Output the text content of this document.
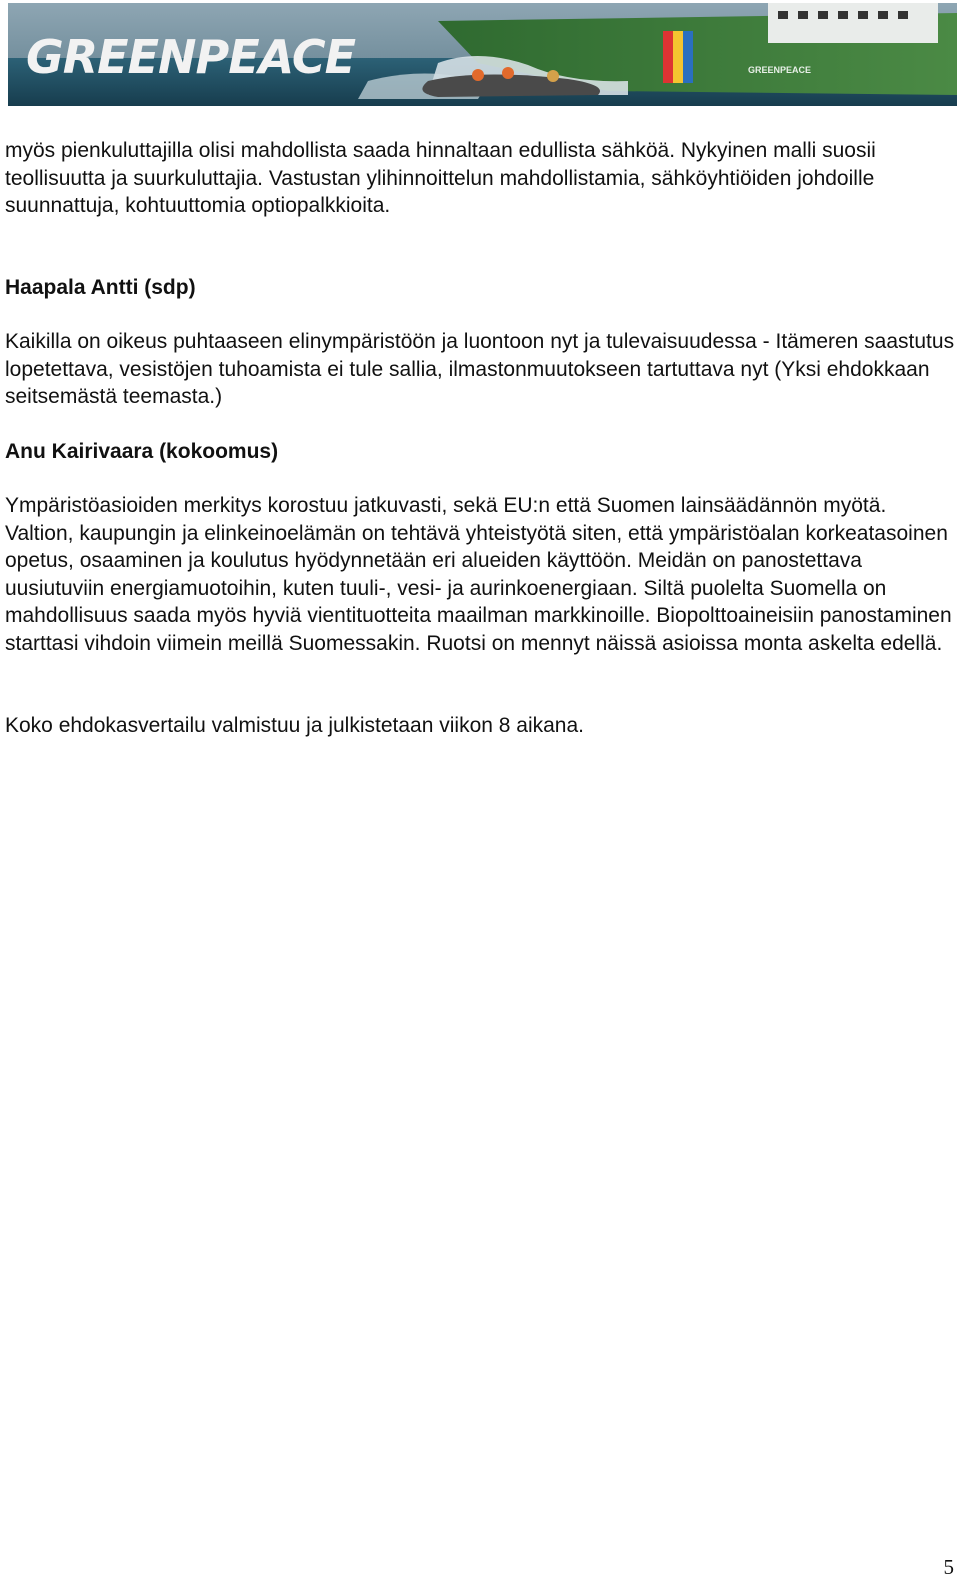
GREENPEACE
GREENPEACE

myös pienkuluttajilla olisi mahdollista saada hinnaltaan edullista sähköä. Nykyinen malli suosii teollisuutta ja suurkuluttajia. Vastustan ylihinnoittelun mahdollistamia, sähköyhtiöiden johdoille suunnattuja, kohtuuttomia optiopalkkioita.

Haapala Antti (sdp)

Kaikilla on oikeus puhtaaseen elinympäristöön ja luontoon nyt ja tulevaisuudessa - Itämeren saastutus lopetettava, vesistöjen tuhoamista ei tule sallia, ilmastonmuutokseen tartuttava nyt (Yksi ehdokkaan seitsemästä teemasta.)

Anu Kairivaara (kokoomus)

Ympäristöasioiden merkitys korostuu jatkuvasti, sekä EU:n että Suomen lainsäädännön myötä. Valtion, kaupungin ja elinkeinoelämän on tehtävä yhteistyötä siten, että ympäristöalan korkeatasoinen opetus, osaaminen ja koulutus hyödynnetään eri alueiden käyttöön. Meidän on panostettava uusiutuviin energiamuotoihin, kuten tuuli-, vesi- ja aurinkoenergiaan. Siltä puolelta Suomella on mahdollisuus saada myös hyviä vientituotteita maailman markkinoille. Biopolttoaineisiin panostaminen starttasi vihdoin viimein meillä Suomessakin. Ruotsi on mennyt näissä asioissa monta askelta edellä.

Koko ehdokasvertailu valmistuu ja julkistetaan viikon 8 aikana.

5
